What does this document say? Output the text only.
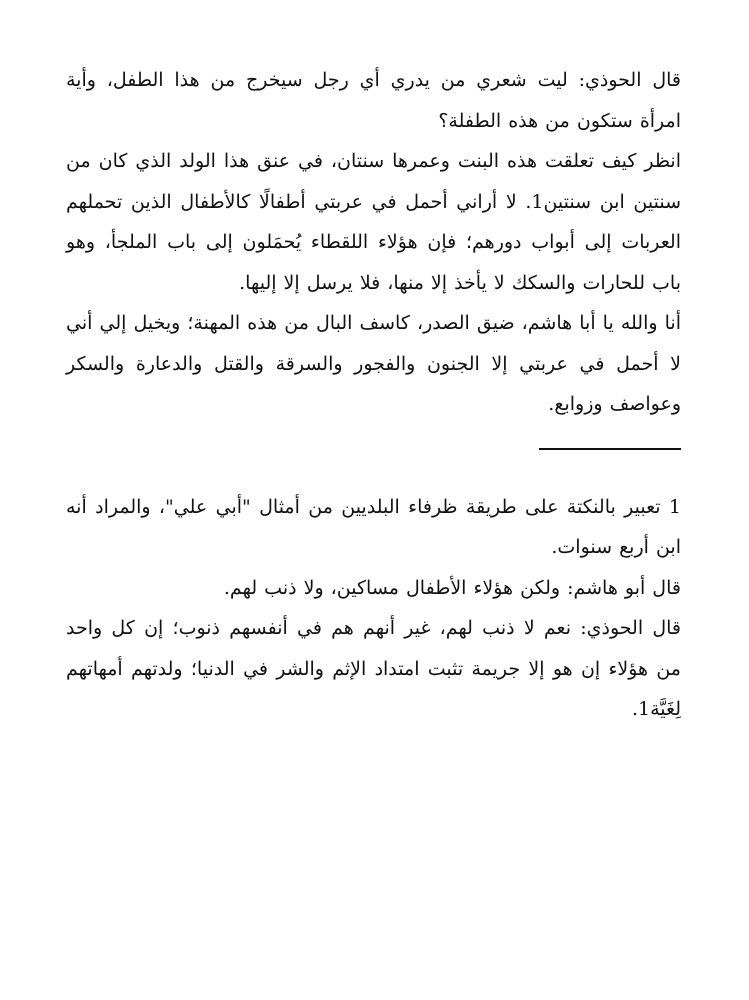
قال الحوذي: ليت شعري من يدري أي رجل سيخرج من هذا الطفل، وأية امرأة ستكون من هذه الطفلة؟

انظر كيف تعلقت هذه البنت وعمرها سنتان، في عنق هذا الولد الذي كان من سنتين ابن سنتين1. لا أراني أحمل في عربتي أطفالًا كالأطفال الذين تحملهم العربات إلى أبواب دورهم؛ فإن هؤلاء اللقطاء يُحمَلون إلى باب الملجأ، وهو باب للحارات والسكك لا يأخذ إلا منها، فلا يرسل إلا إليها.

أنا والله يا أبا هاشم، ضيق الصدر، كاسف البال من هذه المهنة؛ ويخيل إلي أني لا أحمل في عربتي إلا الجنون والفجور والسرقة والقتل والدعارة والسكر وعواصف وزوابع.

1 تعبير بالنكتة على طريقة ظرفاء البلديين من أمثال "أبي علي"، والمراد أنه ابن أربع سنوات.

قال أبو هاشم: ولكن هؤلاء الأطفال مساكين، ولا ذنب لهم.

قال الحوذي: نعم لا ذنب لهم، غير أنهم هم في أنفسهم ذنوب؛ إن كل واحد من هؤلاء إن هو إلا جريمة تثبت امتداد الإثم والشر في الدنيا؛ ولدتهم أمهاتهم لِغَيَّة1.
